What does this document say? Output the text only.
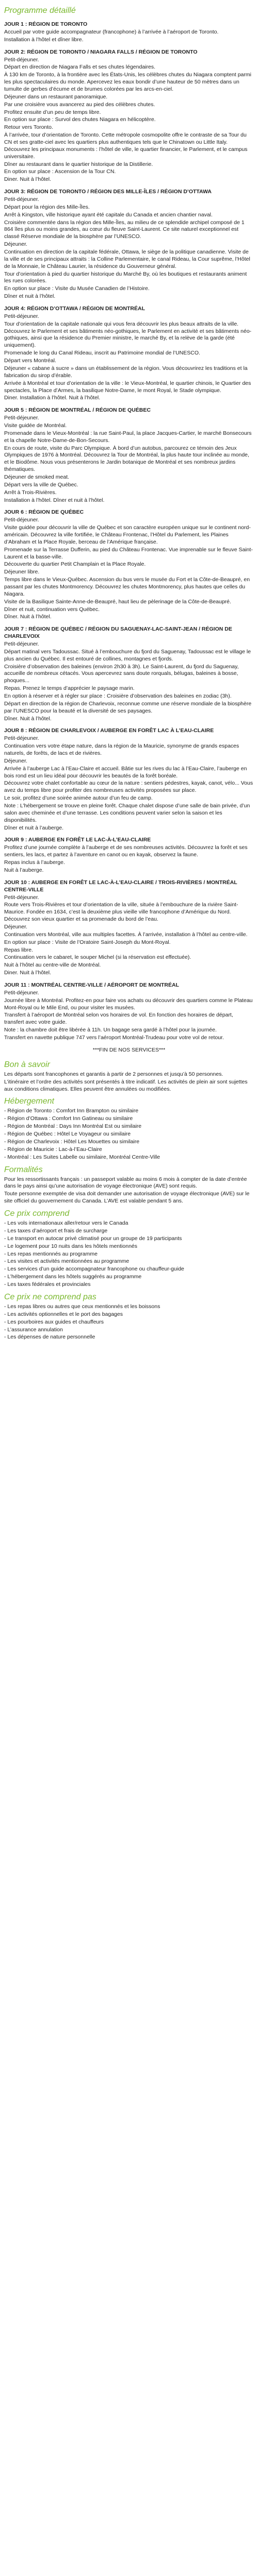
Programme détaillé
JOUR 1 : RÉGION DE TORONTO

Accueil par votre guide accompagnateur (francophone) à l’arrivée à l’aéroport de Toronto.

Installation à l’hôtel et dîner libre.

JOUR 2: RÉGION DE TORONTO / NIAGARA FALLS / RÉGION DE TORONTO

Petit-déjeuner.

Départ en direction de Niagara Falls et ses chutes légendaires.

À 130 km de Toronto, à la frontière avec les États-Unis, les célèbres chutes du Niagara comptent parmi les plus spectaculaires du monde. Apercevez les eaux bondir d’une hauteur de 50 mètres dans un tumulte de gerbes d’écume et de brumes colorées par les arcs-en-ciel.

Déjeuner dans un restaurant panoramique.

Par une croisière vous avancerez au pied des célèbres chutes.

Profitez ensuite d’un peu de temps libre.

En option sur place : Survol des chutes Niagara en hélicoptère.

Retour vers Toronto.

À l’arrivée, tour d’orientation de Toronto. Cette métropole cosmopolite offre le contraste de sa Tour du CN et ses gratte-ciel avec les quartiers plus authentiques tels que le Chinatown ou Little Italy. Découvrez les principaux monuments : l’hôtel de ville, le quartier financier, le Parlement, et le campus universitaire.

Dîner au restaurant dans le quartier historique de la Distillerie.

En option sur place : Ascension de la Tour CN.

Diner. Nuit à l’hôtel.

JOUR 3: RÉGION DE TORONTO / RÉGION DES MILLE-ÎLES / RÉGION D’OTTAWA

Petit-déjeuner.

Départ pour la région des Mille-Îles.

Arrêt à Kingston, ville historique ayant été capitale du Canada et ancien chantier naval.

Croisière commentée dans la région des Mille-Îles, au milieu de ce splendide archipel composé de 1 864 îles plus ou moins grandes, au cœur du fleuve Saint-Laurent. Ce site naturel exceptionnel est classé Réserve mondiale de la biosphère par l’UNESCO.

Déjeuner.

Continuation en direction de la capitale fédérale, Ottawa, le siège de la politique canadienne. Visite de la ville et de ses principaux attraits : la Colline Parlementaire, le canal Rideau, la Cour suprême, l’Hôtel de la Monnaie, le Château Laurier, la résidence du Gouverneur général.

Tour d’orientation à pied du quartier historique du Marché By, où les boutiques et restaurants animent les rues colorées.

En option sur place : Visite du Musée Canadien de l’Histoire.

Dîner et nuit à l’hôtel.

JOUR 4: RÉGION D’OTTAWA / RÉGION DE MONTRÉAL

Petit-déjeuner.

Tour d’orientation de la capitale nationale qui vous fera découvrir les plus beaux attraits de la ville. Découvrez le Parlement et ses bâtiments néo-gothiques, le Parlement en activité et ses bâtiments néo-gothiques, ainsi que la résidence du Premier ministre, le marché By, et la relève de la garde (été uniquement).

Promenade le long du Canal Rideau, inscrit au Patrimoine mondial de l’UNESCO.

Départ vers Montréal.

Déjeuner « cabane à sucre » dans un établissement de la région. Vous découvrirez les traditions et la fabrication du sirop d’érable.

Arrivée à Montréal et tour d’orientation de la ville : le Vieux-Montréal, le quartier chinois, le Quartier des spectacles, la Place d’Armes, la basilique Notre-Dame, le mont Royal, le Stade olympique.

Diner. Installation à l’hôtel. Nuit à l’hôtel.

JOUR 5 : RÉGION DE MONTRÉAL / RÉGION DE QUÉBEC

Petit-déjeuner.

Visite guidée de Montréal.

Promenade dans le Vieux-Montréal : la rue Saint-Paul, la place Jacques-Cartier, le marché Bonsecours et la chapelle Notre-Dame-de-Bon-Secours.

En cours de route, visite du Parc Olympique. À bord d’un autobus, parcourez ce témoin des Jeux Olympiques de 1976 à Montréal. Découvrez la Tour de Montréal, la plus haute tour inclinée au monde, et le Biodôme. Nous vous présenterons le Jardin botanique de Montréal et ses nombreux jardins thématiques.

Déjeuner de smoked meat.

Départ vers la ville de Québec.

Arrêt à Trois-Rivières.

Installation à l’hôtel. Dîner et nuit à l’hôtel.

JOUR 6 : RÉGION DE QUÉBEC

Petit-déjeuner.

Visite guidée pour découvrir la ville de Québec et son caractère européen unique sur le continent nord-américain. Découvrez la ville fortifiée, le Château Frontenac, l’Hôtel du Parlement, les Plaines d’Abraham et la Place Royale, berceau de l’Amérique française.

Promenade sur la Terrasse Dufferin, au pied du Château Frontenac. Vue imprenable sur le fleuve Saint-Laurent et la basse-ville.

Découverte du quartier Petit Champlain et la Place Royale.

Déjeuner libre.

Temps libre dans le Vieux-Québec. Ascension du bus vers le musée du Fort et la Côte-de-Beaupré, en passant par les chutes Montmorency. Découvrez les chutes Montmorency, plus hautes que celles du Niagara.

Visite de la Basilique Sainte-Anne-de-Beaupré, haut lieu de pèlerinage de la Côte-de-Beaupré.

Dîner et nuit, continuation vers Québec.

Dîner. Nuit à l’hôtel.

JOUR 7 : RÉGION DE QUÉBEC / RÉGION DU SAGUENAY-LAC-SAINT-JEAN / RÉGION DE CHARLEVOIX

Petit-déjeuner.

Départ matinal vers Tadoussac. Situé à l’embouchure du fjord du Saguenay, Tadoussac est le village le plus ancien du Québec. Il est entouré de collines, montagnes et fjords.

Croisière d’observation des baleines (environ 2h30 à 3h). Le Saint-Laurent, du fjord du Saguenay, accueille de nombreux cétacés. Vous apercevrez sans doute rorquals, bélugas, baleines à bosse, phoques...

Repas. Prenez le temps d’apprécier le paysage marin.

En option à réserver et à régler sur place : Croisière d’observation des baleines en zodiac (3h).

Départ en direction de la région de Charlevoix, reconnue comme une réserve mondiale de la biosphère par l’UNESCO pour la beauté et la diversité de ses paysages.

Dîner. Nuit à l’hôtel.

JOUR 8 : RÉGION DE CHARLEVOIX / AUBERGE EN FORÊT LAC À L’EAU-CLAIRE

Petit-déjeuner.

Continuation vers votre étape nature, dans la région de la Mauricie, synonyme de grands espaces naturels, de forêts, de lacs et de rivières.

Déjeuner.

Arrivée à l’auberge Lac à l’Eau-Claire et accueil. Bâtie sur les rives du lac à l’Eau-Claire, l’auberge en bois rond est un lieu idéal pour découvrir les beautés de la forêt boréale.

Découvrez votre chalet confortable au cœur de la nature : sentiers pédestres, kayak, canot, vélo... Vous avez du temps libre pour profiter des nombreuses activités proposées sur place.

Le soir, profitez d’une soirée animée autour d’un feu de camp.

Note : L’hébergement se trouve en pleine forêt. Chaque chalet dispose d’une salle de bain privée, d’un salon avec cheminée et d’une terrasse. Les conditions peuvent varier selon la saison et les disponibilités.

Dîner et nuit à l’auberge.

JOUR 9 : AUBERGE EN FORÊT LE LAC-À-L’EAU-CLAIRE

Profitez d’une journée complète à l’auberge et de ses nombreuses activités. Découvrez la forêt et ses sentiers, les lacs, et partez à l’aventure en canot ou en kayak, observez la faune.

Repas inclus à l’auberge.

Nuit à l’auberge.

JOUR 10 : AUBERGE EN FORÊT LE LAC-À-L’EAU-CLAIRE / TROIS-RIVIÈRES / MONTRÉAL CENTRE-VILLE

Petit-déjeuner.

Route vers Trois-Rivières et tour d’orientation de la ville, située à l’embouchure de la rivière Saint-Maurice. Fondée en 1634, c’est la deuxième plus vieille ville francophone d’Amérique du Nord. Découvrez son vieux quartier et sa promenade du bord de l’eau.

Déjeuner.

Continuation vers Montréal, ville aux multiples facettes. À l’arrivée, installation à l’hôtel au centre-ville.

En option sur place : Visite de l’Oratoire Saint-Joseph du Mont-Royal.

Repas libre.

Continuation vers le cabaret, le souper Michel (si la réservation est effectuée).

Nuit à l’hôtel au centre-ville de Montréal.

Diner. Nuit à l’hôtel.

JOUR 11 : MONTRÉAL CENTRE-VILLE / AÉROPORT DE MONTRÉAL

Petit-déjeuner.

Journée libre à Montréal. Profitez-en pour faire vos achats ou découvrir des quartiers comme le Plateau Mont-Royal ou le Mile End, ou pour visiter les musées.

Transfert à l’aéroport de Montréal selon vos horaires de vol. En fonction des horaires de départ, transfert avec votre guide.

Note : la chambre doit être libérée à 11h. Un bagage sera gardé à l’hôtel pour la journée.

Transfert en navette publique 747 vers l’aéroport Montréal-Trudeau pour votre vol de retour.

***FIN DE NOS SERVICES***
Bon à savoir

Les départs sont francophones et garantis à partir de 2 personnes et jusqu’à 50 personnes.

L’itinéraire et l’ordre des activités sont présentés à titre indicatif. Les activités de plein air sont sujettes aux conditions climatiques. Elles peuvent être annulées ou modifiées.

Hébergement
- Région de Toronto : Comfort Inn Brampton ou similaire
- Région d’Ottawa : Comfort Inn Gatineau ou similaire
- Région de Montréal : Days Inn Montréal Est ou similaire
- Région de Québec : Hôtel Le Voyageur ou similaire
- Région de Charlevoix : Hôtel Les Mouettes ou similaire
- Région de Mauricie : Lac-à-l’Eau-Claire
- Montréal : Les Suites Labelle ou similaire, Montréal Centre-Ville
Formalités

Pour les ressortissants français : un passeport valable au moins 6 mois à compter de la date d’entrée dans le pays ainsi qu’une autorisation de voyage électronique (AVE) sont requis.

Toute personne exemptée de visa doit demander une autorisation de voyage électronique (AVE) sur le site officiel du gouvernement du Canada. L’AVE est valable pendant 5 ans.

Ce prix comprend
- Les vols internationaux aller/retour vers le Canada
- Les taxes d’aéroport et frais de surcharge
- Le transport en autocar privé climatisé pour un groupe de 19 participants
- Le logement pour 10 nuits dans les hôtels mentionnés
- Les repas mentionnés au programme
- Les visites et activités mentionnées au programme
- Les services d’un guide accompagnateur francophone ou chauffeur-guide
- L’hébergement dans les hôtels suggérés au programme
- Les taxes fédérales et provinciales
Ce prix ne comprend pas
- Les repas libres ou autres que ceux mentionnés et les boissons
- Les activités optionnelles et le port des bagages
- Les pourboires aux guides et chauffeurs
- L’assurance annulation
- Les dépenses de nature personnelle
